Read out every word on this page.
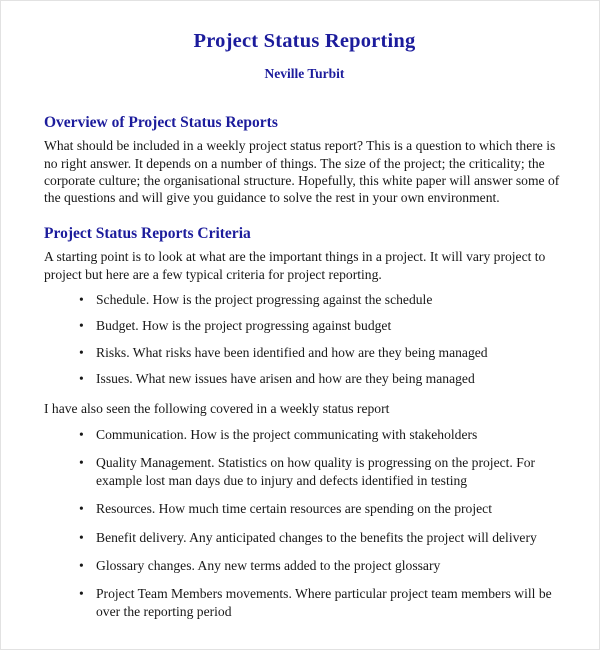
Project Status Reporting
Neville Turbit
Overview of Project Status Reports

What should be included in a weekly project status report? This is a question to which there is no right answer. It depends on a number of things. The size of the project; the criticality; the corporate culture; the organisational structure. Hopefully, this white paper will answer some of the questions and will give you guidance to solve the rest in your own environment.

Project Status Reports Criteria

A starting point is to look at what are the important things in a project. It will vary project to project but here are a few typical criteria for project reporting.

• Schedule. How is the project progressing against the schedule
• Budget. How is the project progressing against budget
• Risks. What risks have been identified and how are they being managed
• Issues. What new issues have arisen and how are they being managed

I have also seen the following covered in a weekly status report

• Communication. How is the project communicating with stakeholders
• Quality Management. Statistics on how quality is progressing on the project. For example lost man days due to injury and defects identified in testing
• Resources. How much time certain resources are spending on the project
• Benefit delivery. Any anticipated changes to the benefits the project will delivery
• Glossary changes. Any new terms added to the project glossary
• Project Team Members movements. Where particular project team members will be over the reporting period
